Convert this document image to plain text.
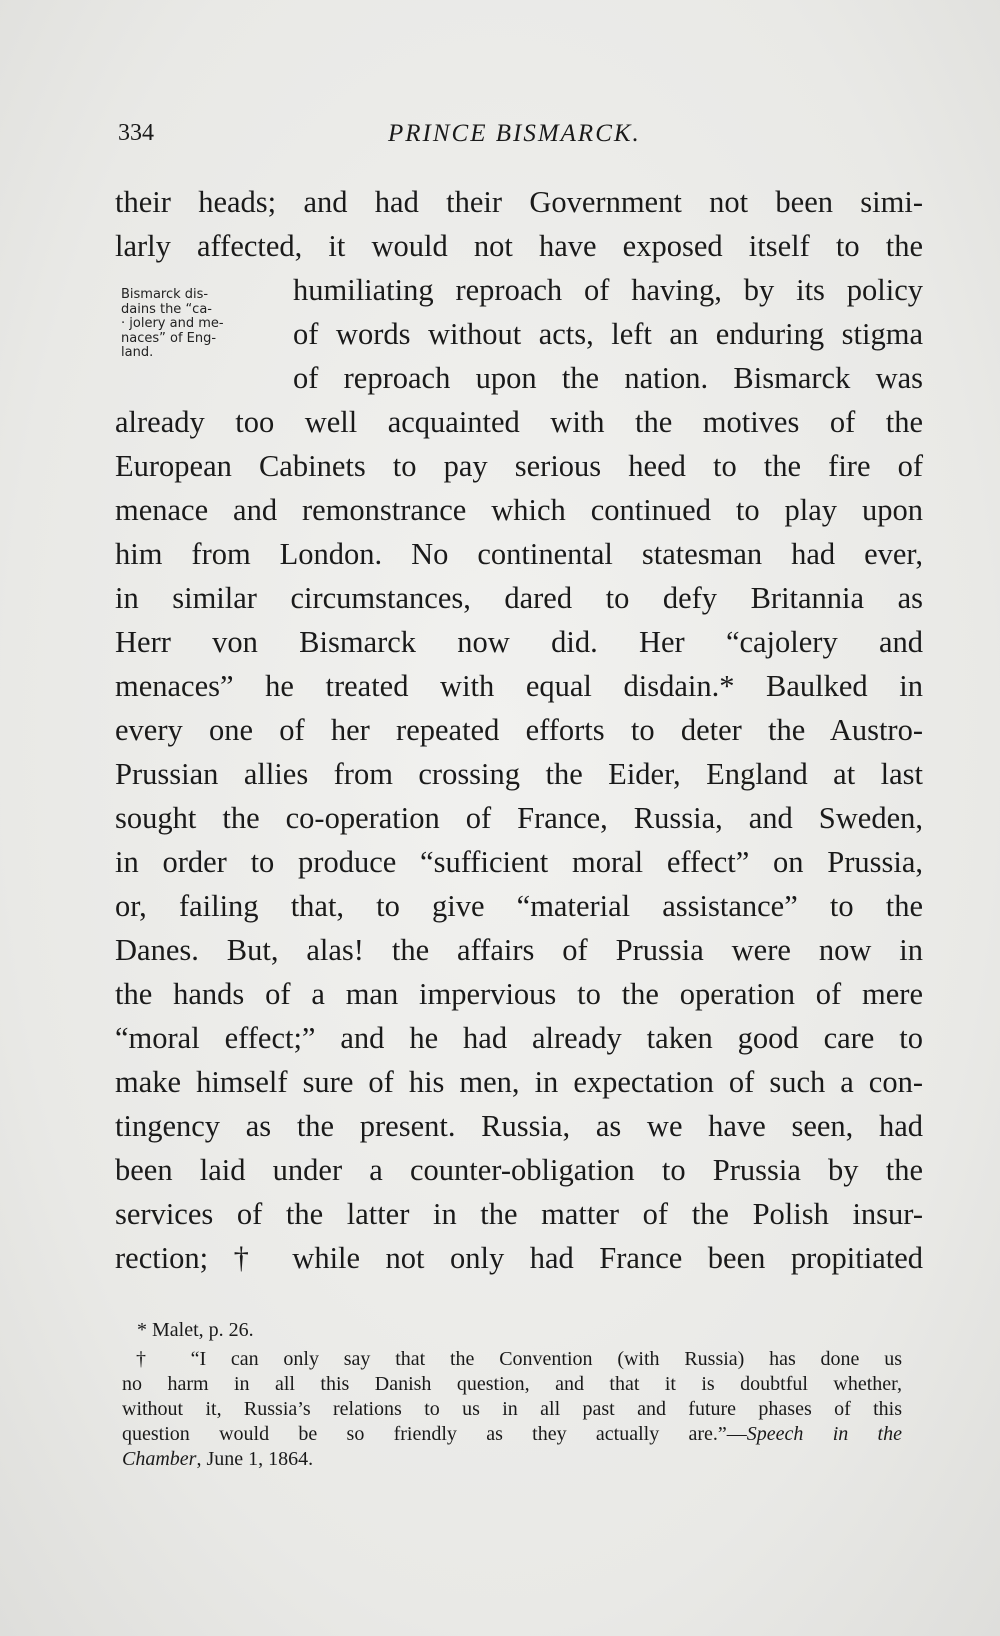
334	PRINCE BISMARCK.
Bismarck dis-
dains the “ca-
· jolery and me-
naces” of Eng-
land.
their heads; and had their Government not been simi-
larly affected, it would not have exposed itself to the
humiliating reproach of having, by its policy
of words without acts, left an enduring stigma
of reproach upon the nation. Bismarck was
already too well acquainted with the motives of the
European Cabinets to pay serious heed to the fire of
menace and remonstrance which continued to play upon
him from London. No continental statesman had ever,
in similar circumstances, dared to defy Britannia as
Herr von Bismarck now did. Her “cajolery and
menaces” he treated with equal disdain.* Baulked in
every one of her repeated efforts to deter the Austro-
Prussian allies from crossing the Eider, England at last
sought the co-operation of France, Russia, and Sweden,
in order to produce “sufficient moral effect” on Prussia,
or, failing that, to give “material assistance” to the
Danes. But, alas! the affairs of Prussia were now in
the hands of a man impervious to the operation of mere
“moral effect;” and he had already taken good care to
make himself sure of his men, in expectation of such a con-
tingency as the present. Russia, as we have seen, had
been laid under a counter-obligation to Prussia by the
services of the latter in the matter of the Polish insur-
rection; † while not only had France been propitiated
* Malet, p. 26.
† “I can only say that the Convention (with Russia) has done us
no harm in all this Danish question, and that it is doubtful whether,
without it, Russia’s relations to us in all past and future phases of this
question would be so friendly as they actually are.”—Speech in the
Chamber, June 1, 1864.
